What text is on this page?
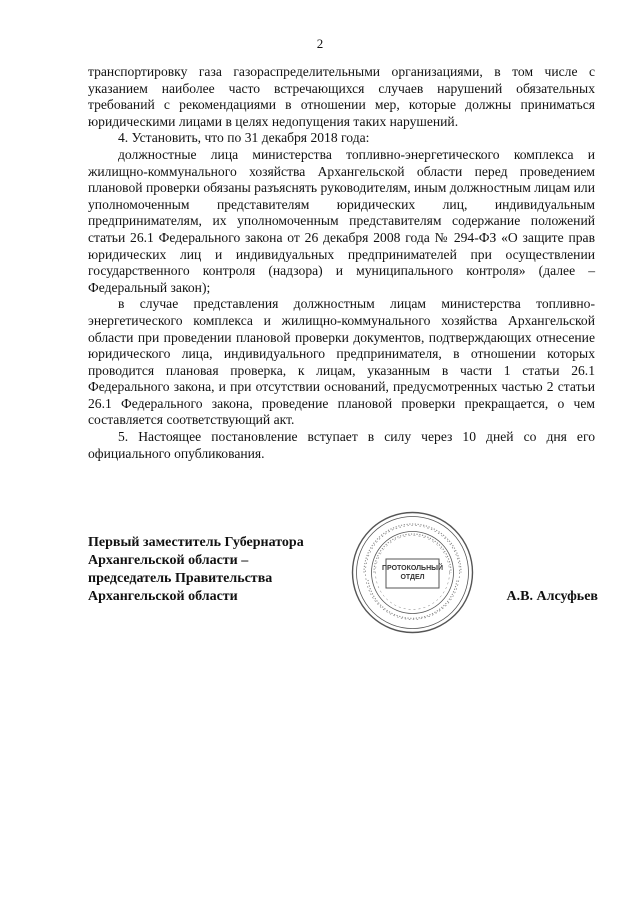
2

транспортировку газа газораспределительными организациями, в том числе с указанием наиболее часто встречающихся случаев нарушений обязательных требований с рекомендациями в отношении мер, которые должны приниматься юридическими лицами в целях недопущения таких нарушений.

4. Установить, что по 31 декабря 2018 года:

должностные лица министерства топливно-энергетического комплекса и жилищно-коммунального хозяйства Архангельской области перед проведением плановой проверки обязаны разъяснять руководителям, иным должностным лицам или уполномоченным представителям юридических лиц, индивидуальным предпринимателям, их уполномоченным представителям содержание положений статьи 26.1 Федерального закона от 26 декабря 2008 года № 294-ФЗ «О защите прав юридических лиц и индивидуальных предпринимателей при осуществлении государственного контроля (надзора) и муниципального контроля» (далее – Федеральный закон);

в случае представления должностным лицам министерства топливно-энергетического комплекса и жилищно-коммунального хозяйства Архангельской области при проведении плановой проверки документов, подтверждающих отнесение юридического лица, индивидуального предпринимателя, в отношении которых проводится плановая проверка, к лицам, указанным в части 1 статьи 26.1 Федерального закона, и при отсутствии оснований, предусмотренных частью 2 статьи 26.1 Федерального закона, проведение плановой проверки прекращается, о чем составляется соответствующий акт.

5. Настоящее постановление вступает в силу через 10 дней со дня его официального опубликования.

Первый заместитель Губернатора
Архангельской области –
председатель Правительства
Архангельской области
ПРОТОКОЛЬНЫЙ
ОТДЕЛ
А.В. Алсуфьев
